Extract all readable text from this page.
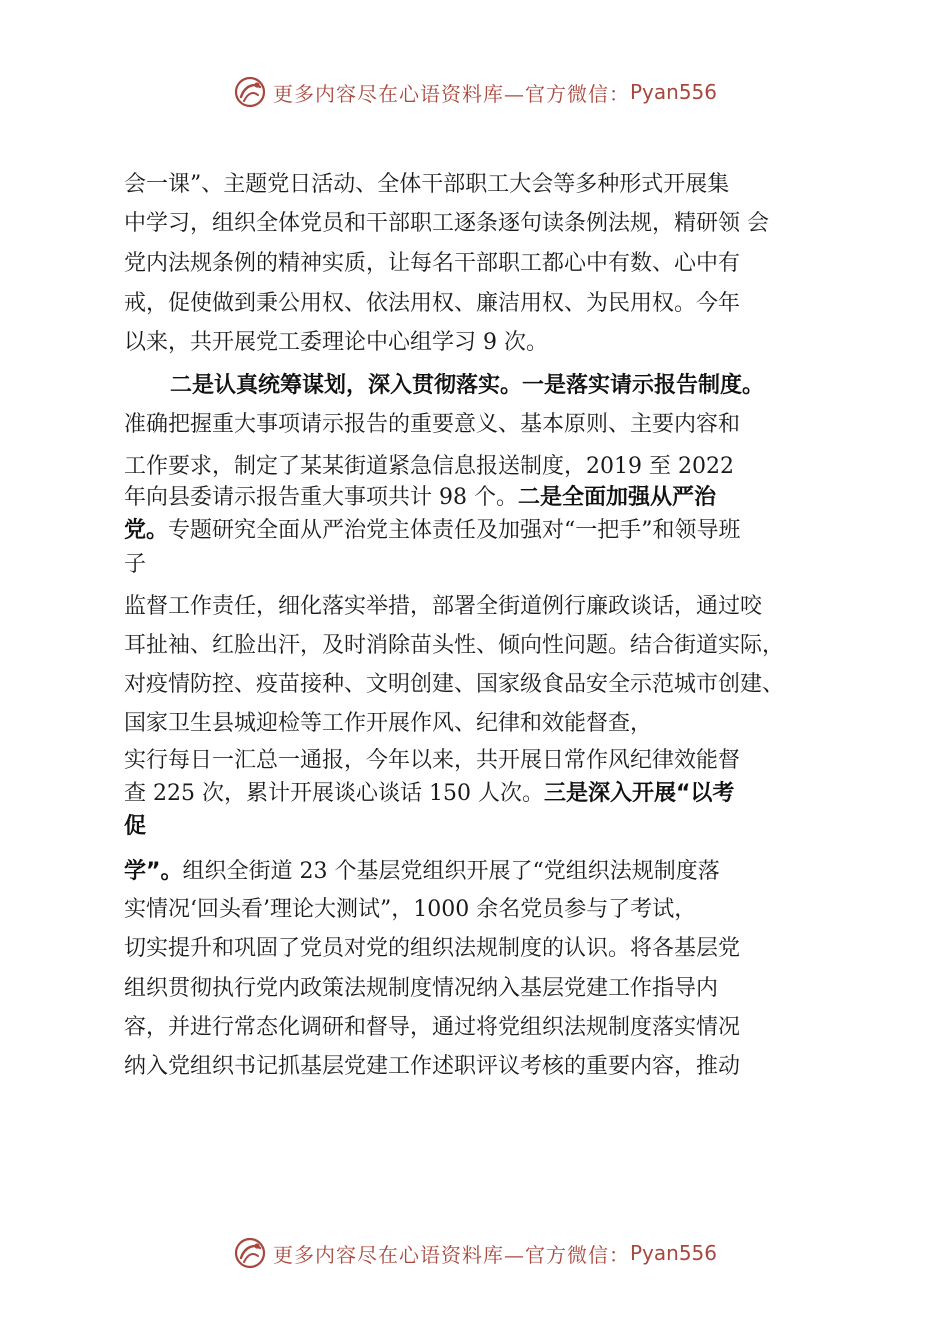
更多内容尽在心语资料库—官方微信： Pyan556
会一课”、主题党日活动、全体干部职工大会等多种形式开展集
中学习，组织全体党员和干部职工逐条逐句读条例法规，精研领 会
党内法规条例的精神实质，让每名干部职工都心中有数、心中有
戒，促使做到秉公用权、依法用权、廉洁用权、为民用权。今年
以来，共开展党工委理论中心组学习 9 次。
二是认真统筹谋划，深入贯彻落实。一是落实请示报告制度。
准确把握重大事项请示报告的重要意义、基本原则、主要内容和
工作要求，制定了某某街道紧急信息报送制度，2019 至 2022
年向县委请示报告重大事项共计 98 个。二是全面加强从严治
党。专题研究全面从严治党主体责任及加强对“一把手”和领导班
子
监督工作责任，细化落实举措，部署全街道例行廉政谈话，通过咬
耳扯袖、红脸出汗，及时消除苗头性、倾向性问题。结合街道实际，
对疫情防控、疫苗接种、文明创建、国家级食品安全示范城市创建、
国家卫生县城迎检等工作开展作风、纪律和效能督查，
实行每日一汇总一通报，今年以来，共开展日常作风纪律效能督
查 225 次，累计开展谈心谈话 150 人次。三是深入开展“以考
促
学”。组织全街道 23 个基层党组织开展了“党组织法规制度落
实情况‘回头看’理论大测试”，1000 余名党员参与了考试，
切实提升和巩固了党员对党的组织法规制度的认识。将各基层党
组织贯彻执行党内政策法规制度情况纳入基层党建工作指导内
容，并进行常态化调研和督导，通过将党组织法规制度落实情况
纳入党组织书记抓基层党建工作述职评议考核的重要内容，推动
更多内容尽在心语资料库—官方微信： Pyan556
